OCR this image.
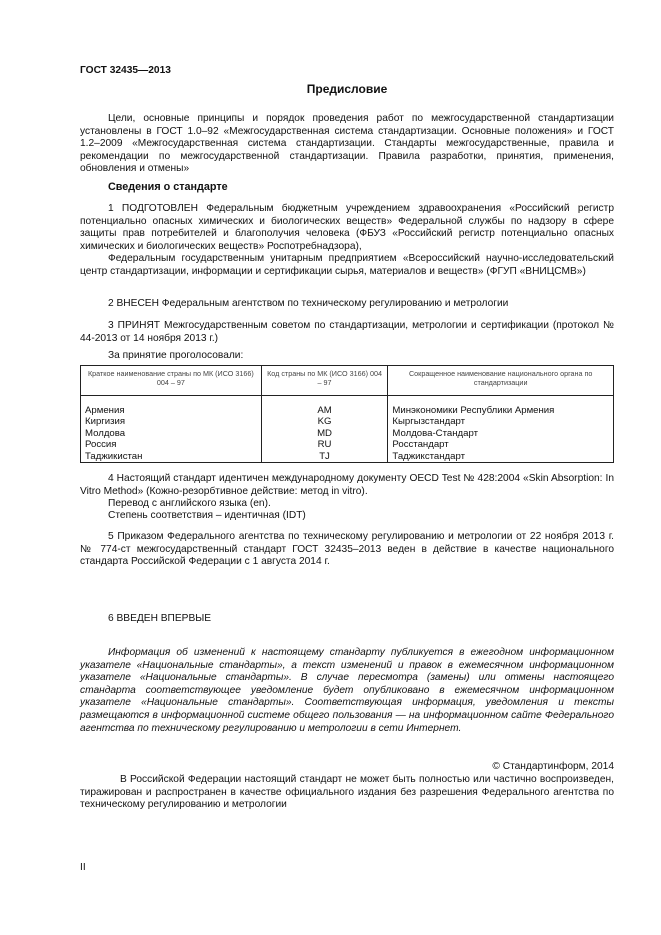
ГОСТ 32435—2013
Предисловие
Цели, основные принципы и порядок проведения работ по межгосударственной стандартизации установлены в ГОСТ 1.0–92 «Межгосударственная система стандартизации. Основные положения» и ГОСТ 1.2–2009 «Межгосударственная система стандартизации. Стандарты межгосударственные, правила и рекомендации по межгосударственной стандартизации. Правила разработки, принятия, применения, обновления и отмены»
Сведения о стандарте
1 ПОДГОТОВЛЕН Федеральным бюджетным учреждением здравоохранения «Российский регистр потенциально опасных химических и биологических веществ» Федеральной службы по надзору в сфере защиты прав потребителей и благополучия человека (ФБУЗ «Российский регистр потенциально опасных химических и биологических веществ» Роспотребнадзора),
Федеральным государственным унитарным предприятием «Всероссийский научно-исследовательский центр стандартизации, информации и сертификации сырья, материалов и веществ» (ФГУП «ВНИЦСМВ»)
2 ВНЕСЕН Федеральным агентством по техническому регулированию и метрологии
3 ПРИНЯТ Межгосударственным советом по стандартизации, метрологии и сертификации (протокол № 44-2013 от 14 ноября 2013 г.)
За принятие проголосовали:
Краткое наименование страны по МК (ИСО 3166) 004 – 97	Код страны по МК (ИСО 3166) 004 – 97	Сокращенное наименование национального органа по стандартизации
Армения	AM	Минэкономики Республики Армения
Киргизия	KG	Кыргызстандарт
Молдова	MD	Молдова-Стандарт
Россия	RU	Росстандарт
Таджикистан	TJ	Таджикстандарт
4 Настоящий стандарт идентичен международному документу OECD Test № 428:2004 «Skin Absorption: In Vitro Method» (Кожно-резорбтивное действие: метод in vitro).
Перевод с английского языка (en).
Степень соответствия – идентичная (IDT)
5 Приказом Федерального агентства по техническому регулированию и метрологии от 22 ноября 2013 г. № 774-ст межгосударственный стандарт ГОСТ 32435–2013 веден в действие в качестве национального стандарта Российской Федерации с 1 августа 2014 г.
6 ВВЕДЕН ВПЕРВЫЕ
Информация об изменений к настоящему стандарту публикуется в ежегодном информационном указателе «Национальные стандарты», а текст изменений и правок в ежемесячном информационном указателе «Национальные стандарты». В случае пересмотра (замены) или отмены настоящего стандарта соответствующее уведомление будет опубликовано в ежемесячном информационном указателе «Национальные стандарты». Соответствующая информация, уведомления и тексты размещаются в информационной системе общего пользования — на информационном сайте Федерального агентства по техническому регулированию и метрологии в сети Интернет.
© Стандартинформ, 2014
В Российской Федерации настоящий стандарт не может быть полностью или частично воспроизведен, тиражирован и распространен в качестве официального издания без разрешения Федерального агентства по техническому регулированию и метрологии
II
